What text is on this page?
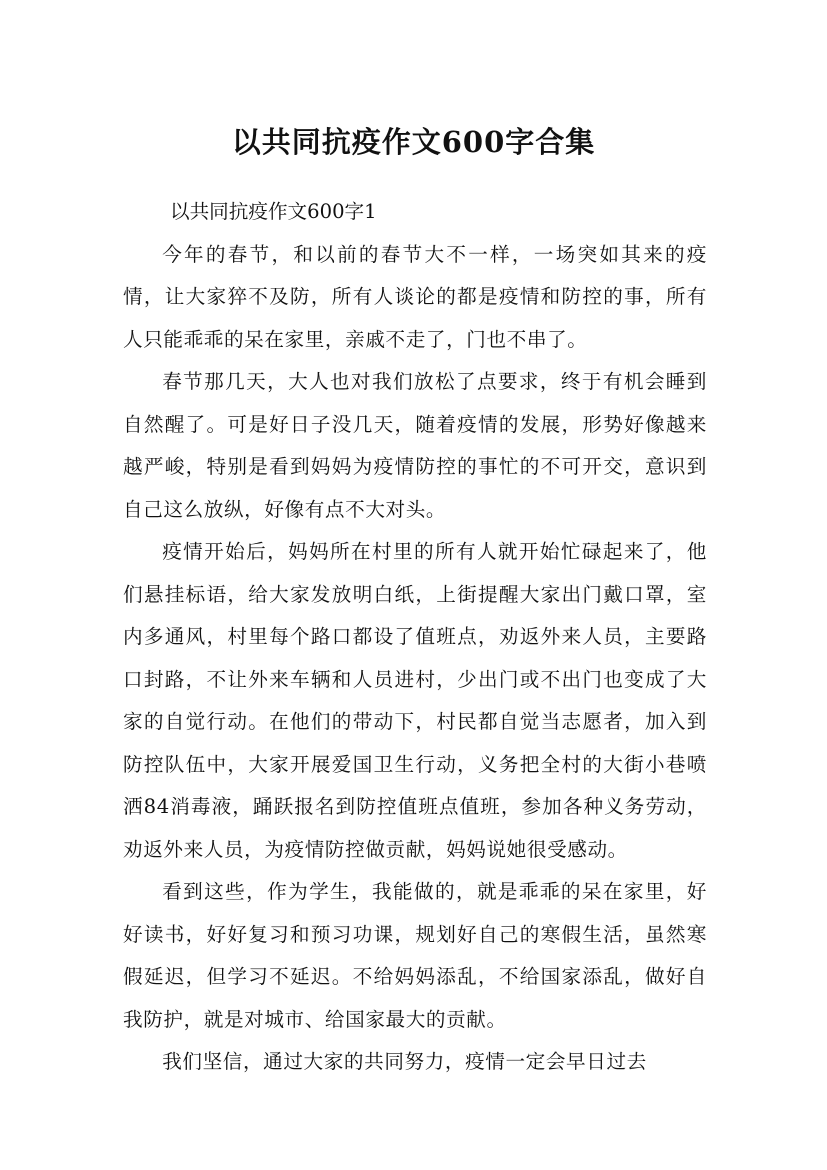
以共同抗疫作文600字合集

以共同抗疫作文600字1

今年的春节，和以前的春节大不一样，一场突如其来的疫情，让大家猝不及防，所有人谈论的都是疫情和防控的事，所有人只能乖乖的呆在家里，亲戚不走了，门也不串了。

春节那几天，大人也对我们放松了点要求，终于有机会睡到自然醒了。可是好日子没几天，随着疫情的发展，形势好像越来越严峻，特别是看到妈妈为疫情防控的事忙的不可开交，意识到自己这么放纵，好像有点不大对头。

疫情开始后，妈妈所在村里的所有人就开始忙碌起来了，他们悬挂标语，给大家发放明白纸，上街提醒大家出门戴口罩，室内多通风，村里每个路口都设了值班点，劝返外来人员，主要路口封路，不让外来车辆和人员进村，少出门或不出门也变成了大家的自觉行动。在他们的带动下，村民都自觉当志愿者，加入到防控队伍中，大家开展爱国卫生行动，义务把全村的大街小巷喷洒84消毒液，踊跃报名到防控值班点值班，参加各种义务劳动，劝返外来人员，为疫情防控做贡献，妈妈说她很受感动。

看到这些，作为学生，我能做的，就是乖乖的呆在家里，好好读书，好好复习和预习功课，规划好自己的寒假生活，虽然寒假延迟，但学习不延迟。不给妈妈添乱，不给国家添乱，做好自我防护，就是对城市、给国家最大的贡献。

我们坚信，通过大家的共同努力，疫情一定会早日过去
